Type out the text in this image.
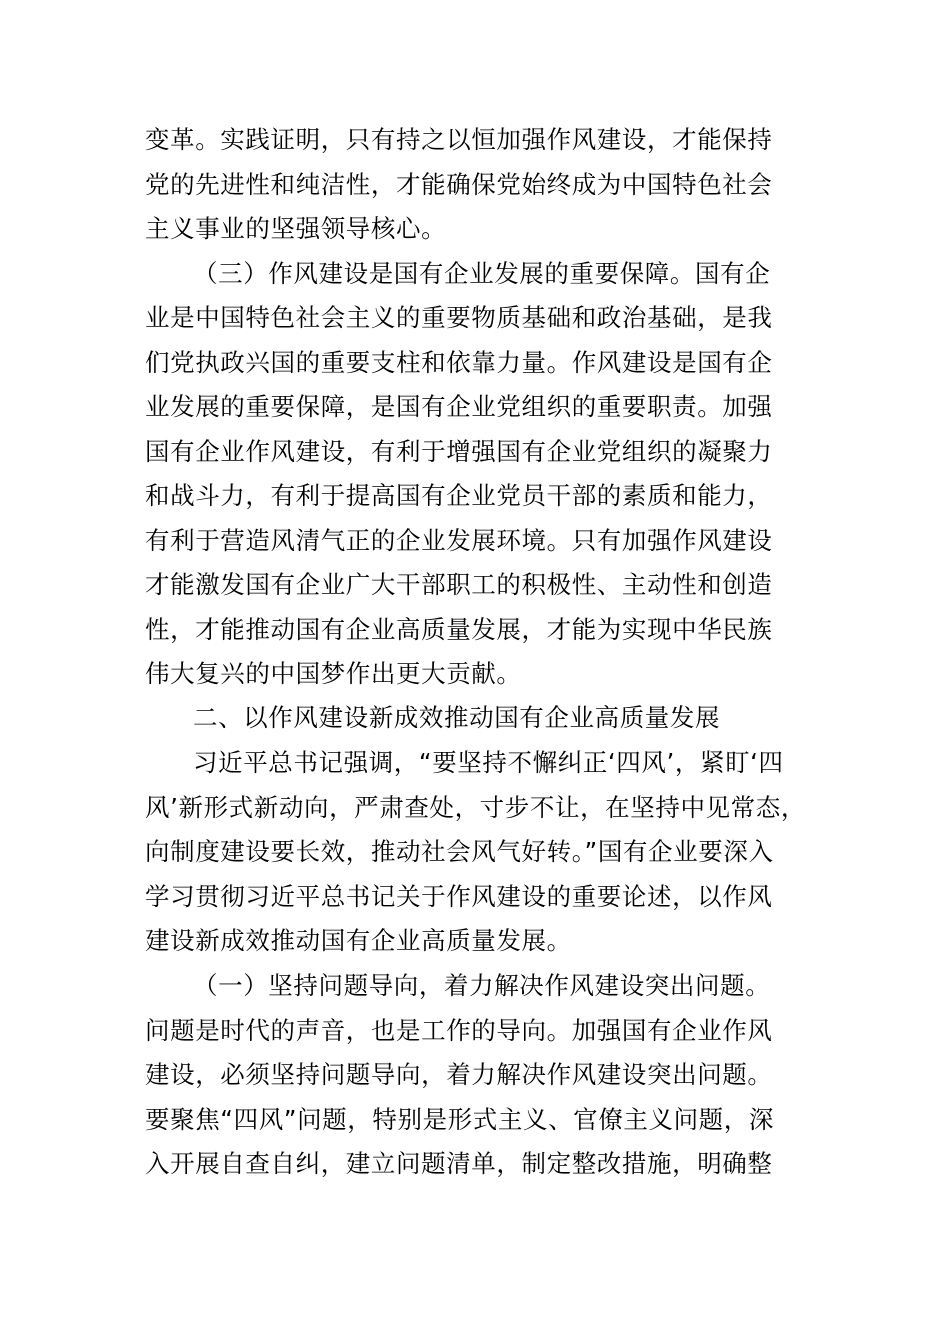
变革。实践证明，只有持之以恒加强作风建设，才能保持
党的先进性和纯洁性，才能确保党始终成为中国特色社会
主义事业的坚强领导核心。
（三）作风建设是国有企业发展的重要保障。国有企
业是中国特色社会主义的重要物质基础和政治基础，是我
们党执政兴国的重要支柱和依靠力量。作风建设是国有企
业发展的重要保障，是国有企业党组织的重要职责。加强
国有企业作风建设，有利于增强国有企业党组织的凝聚力
和战斗力，有利于提高国有企业党员干部的素质和能力，
有利于营造风清气正的企业发展环境。只有加强作风建设
才能激发国有企业广大干部职工的积极性、主动性和创造
性，才能推动国有企业高质量发展，才能为实现中华民族
伟大复兴的中国梦作出更大贡献。
二、以作风建设新成效推动国有企业高质量发展
习近平总书记强调，“要坚持不懈纠正‘四风’，紧盯‘四
风’新形式新动向，严肃查处，寸步不让，在坚持中见常态，
向制度建设要长效，推动社会风气好转。”国有企业要深入
学习贯彻习近平总书记关于作风建设的重要论述，以作风
建设新成效推动国有企业高质量发展。
（一）坚持问题导向，着力解决作风建设突出问题。
问题是时代的声音，也是工作的导向。加强国有企业作风
建设，必须坚持问题导向，着力解决作风建设突出问题。
要聚焦“四风”问题，特别是形式主义、官僚主义问题，深
入开展自查自纠，建立问题清单，制定整改措施，明确整
